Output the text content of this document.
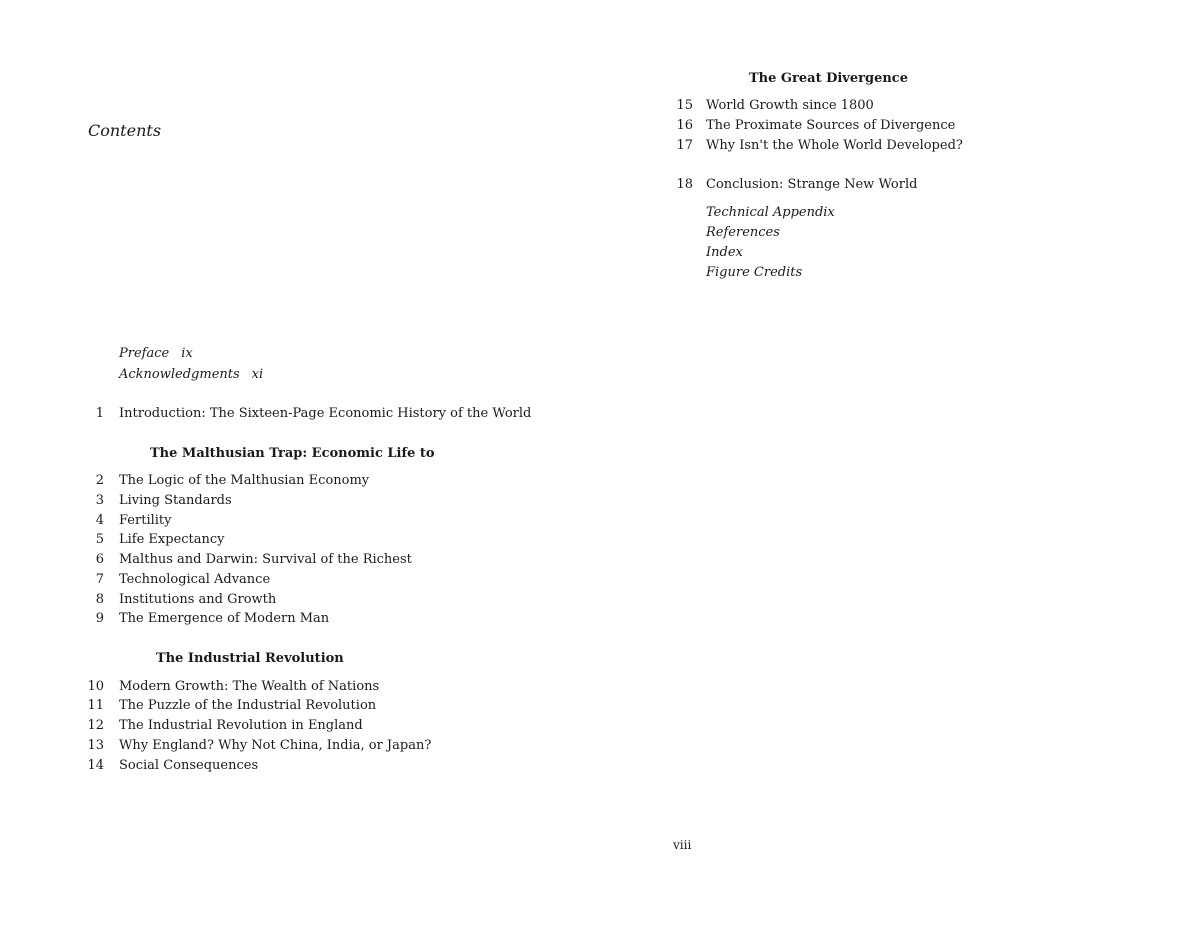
Contents
Preface ix
Acknowledgments xi
1 Introduction: The Sixteen-Page Economic History of the World
The Malthusian Trap: Economic Life to
2 The Logic of the Malthusian Economy
3 Living Standards
4 Fertility
5 Life Expectancy
6 Malthus and Darwin: Survival of the Richest
7 Technological Advance
8 Institutions and Growth
9 The Emergence of Modern Man
The Industrial Revolution
10 Modern Growth: The Wealth of Nations
11 The Puzzle of the Industrial Revolution
12 The Industrial Revolution in England
13 Why England? Why Not China, India, or Japan?
14 Social Consequences
The Great Divergence
15 World Growth since 1800
16 The Proximate Sources of Divergence
17 Why Isn't the Whole World Developed?
18 Conclusion: Strange New World
Technical Appendix
References
Index
Figure Credits
viii
